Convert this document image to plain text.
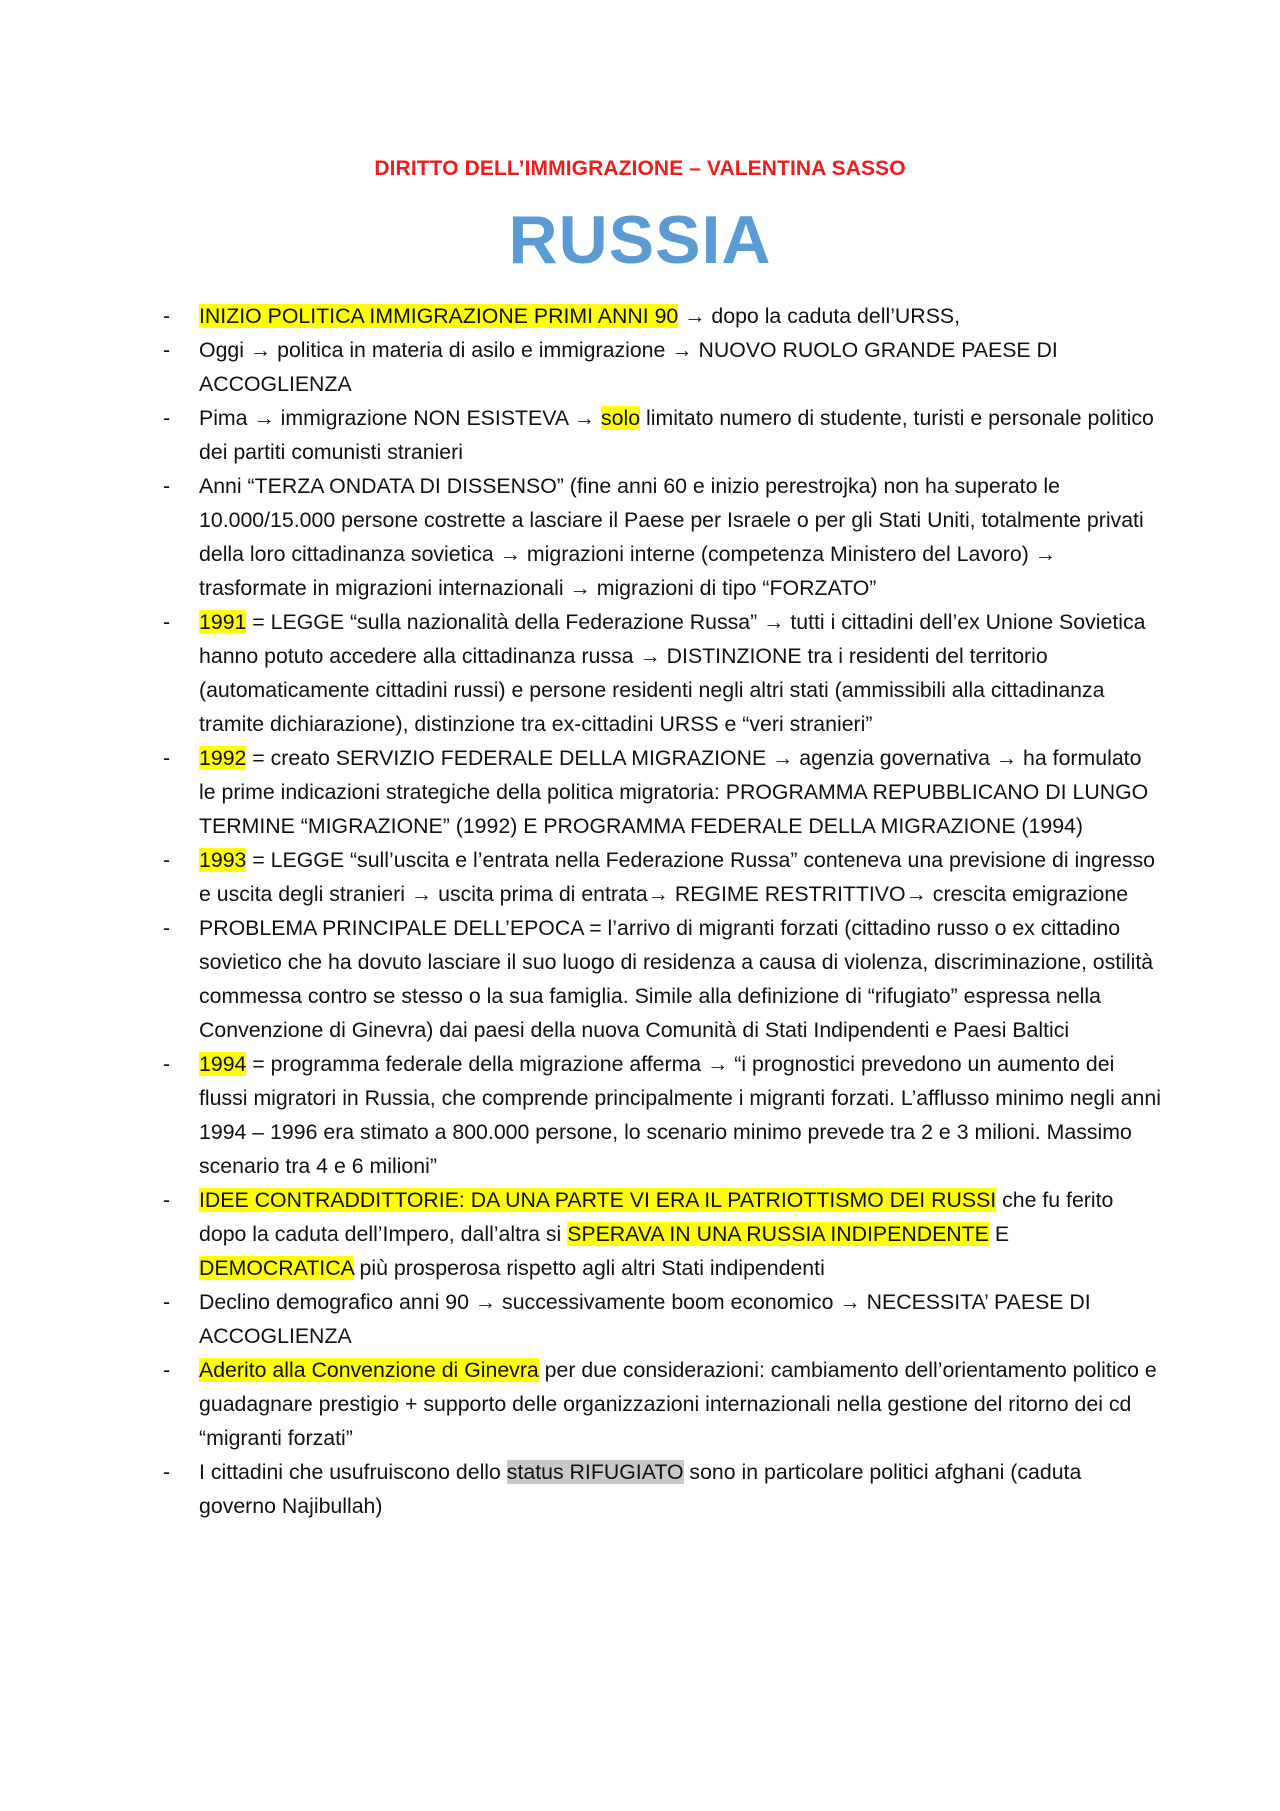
DIRITTO DELL’IMMIGRAZIONE – VALENTINA SASSO
RUSSIA
- INIZIO POLITICA IMMIGRAZIONE PRIMI ANNI 90 → dopo la caduta dell’URSS,
- Oggi → politica in materia di asilo e immigrazione → NUOVO RUOLO GRANDE PAESE DI ACCOGLIENZA
- Pima → immigrazione NON ESISTEVA → solo limitato numero di studente, turisti e personale politico dei partiti comunisti stranieri
- Anni “TERZA ONDATA DI DISSENSO” (fine anni 60 e inizio perestrojka) non ha superato le 10.000/15.000 persone costrette a lasciare il Paese per Israele o per gli Stati Uniti, totalmente privati della loro cittadinanza sovietica → migrazioni interne (competenza Ministero del Lavoro) → trasformate in migrazioni internazionali → migrazioni di tipo “FORZATO”
- 1991 = LEGGE “sulla nazionalità della Federazione Russa” → tutti i cittadini dell’ex Unione Sovietica hanno potuto accedere alla cittadinanza russa → DISTINZIONE tra i residenti del territorio (automaticamente cittadini russi) e persone residenti negli altri stati (ammissibili alla cittadinanza tramite dichiarazione), distinzione tra ex-cittadini URSS e “veri stranieri”
- 1992 = creato SERVIZIO FEDERALE DELLA MIGRAZIONE → agenzia governativa → ha formulato le prime indicazioni strategiche della politica migratoria: PROGRAMMA REPUBBLICANO DI LUNGO TERMINE “MIGRAZIONE” (1992) E PROGRAMMA FEDERALE DELLA MIGRAZIONE (1994)
- 1993 = LEGGE “sull’uscita e l’entrata nella Federazione Russa” conteneva una previsione di ingresso e uscita degli stranieri → uscita prima di entrata→ REGIME RESTRITTIVO→ crescita emigrazione
- PROBLEMA PRINCIPALE DELL’EPOCA = l’arrivo di migranti forzati (cittadino russo o ex cittadino sovietico che ha dovuto lasciare il suo luogo di residenza a causa di violenza, discriminazione, ostilità commessa contro se stesso o la sua famiglia. Simile alla definizione di “rifugiato” espressa nella Convenzione di Ginevra) dai paesi della nuova Comunità di Stati Indipendenti e Paesi Baltici
- 1994 = programma federale della migrazione afferma → “i prognostici prevedono un aumento dei flussi migratori in Russia, che comprende principalmente i migranti forzati. L’afflusso minimo negli anni 1994 – 1996 era stimato a 800.000 persone, lo scenario minimo prevede tra 2 e 3 milioni. Massimo scenario tra 4 e 6 milioni”
- IDEE CONTRADDITTORIE: DA UNA PARTE VI ERA IL PATRIOTTISMO DEI RUSSI che fu ferito dopo la caduta dell’Impero, dall’altra si SPERAVA IN UNA RUSSIA INDIPENDENTE E DEMOCRATICA più prosperosa rispetto agli altri Stati indipendenti
- Declino demografico anni 90 → successivamente boom economico → NECESSITA’ PAESE DI ACCOGLIENZA
- Aderito alla Convenzione di Ginevra per due considerazioni: cambiamento dell’orientamento politico e guadagnare prestigio + supporto delle organizzazioni internazionali nella gestione del ritorno dei cd “migranti forzati”
- I cittadini che usufruiscono dello status RIFUGIATO sono in particolare politici afghani (caduta governo Najibullah)
